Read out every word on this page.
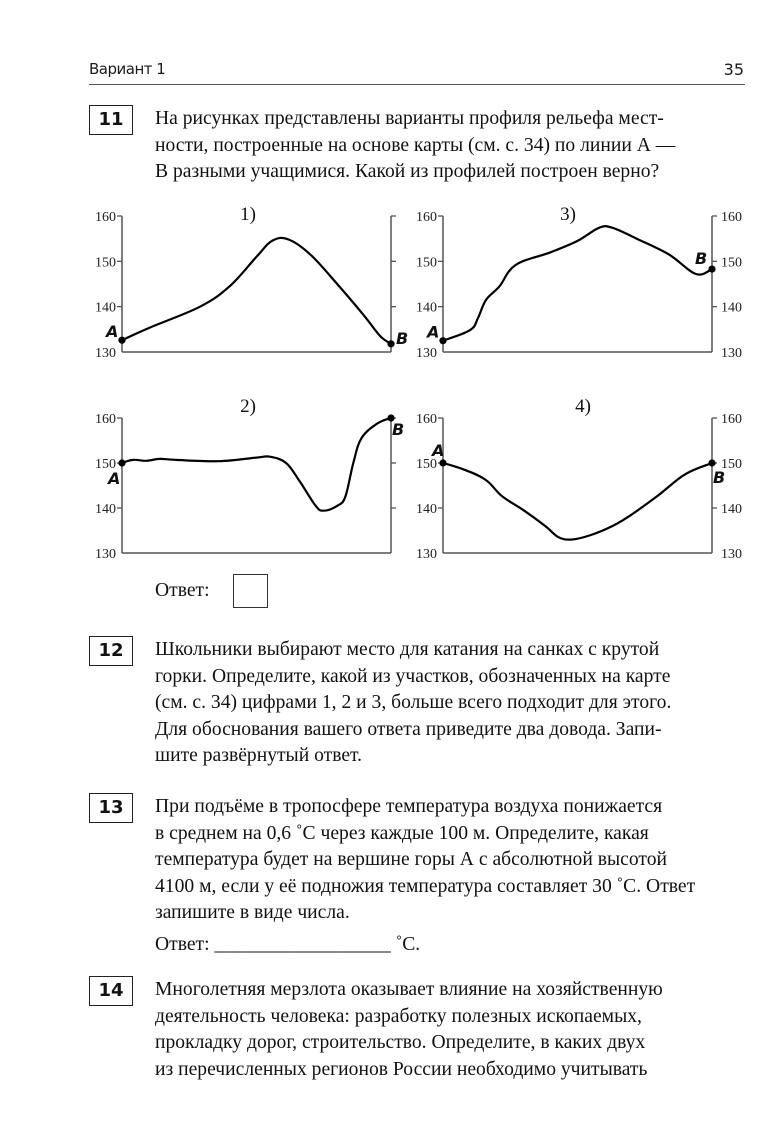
Вариант 1	35
11	На рисунках представлены варианты профиля рельефа мест-

ности, построенные на основе карты (см. с. 34) по линии А —

В разными учащимися. Какой из профилей построен верно?

130
140
150
160	1)
A	B
130	130
140	140
150	150
160	160
3)
A
B
130
140
150
160
2)
A
B
130	130
140	140
150	150
160	160
4)
A
B
Ответ:
12	Школьники выбирают место для катания на санках с крутой

горки. Определите, какой из участков, обозначенных на карте

(см. с. 34) цифрами 1, 2 и 3, больше всего подходит для этого.

Для обоснования вашего ответа приведите два довода. Запи-

шите развёрнутый ответ.

13	При подъёме в тропосфере температура воздуха понижается

в среднем на 0,6 ˚С через каждые 100 м. Определите, какая

температура будет на вершине горы А с абсолютной высотой

4100 м, если у её подножия температура составляет 30 ˚С. Ответ

запишите в виде числа.

Ответ: __________________ ˚С.
14	Многолетняя мерзлота оказывает влияние на хозяйственную

деятельность человека: разработку полезных ископаемых,

прокладку дорог, строительство. Определите, в каких двух

из перечисленных регионов России необходимо учитывать
